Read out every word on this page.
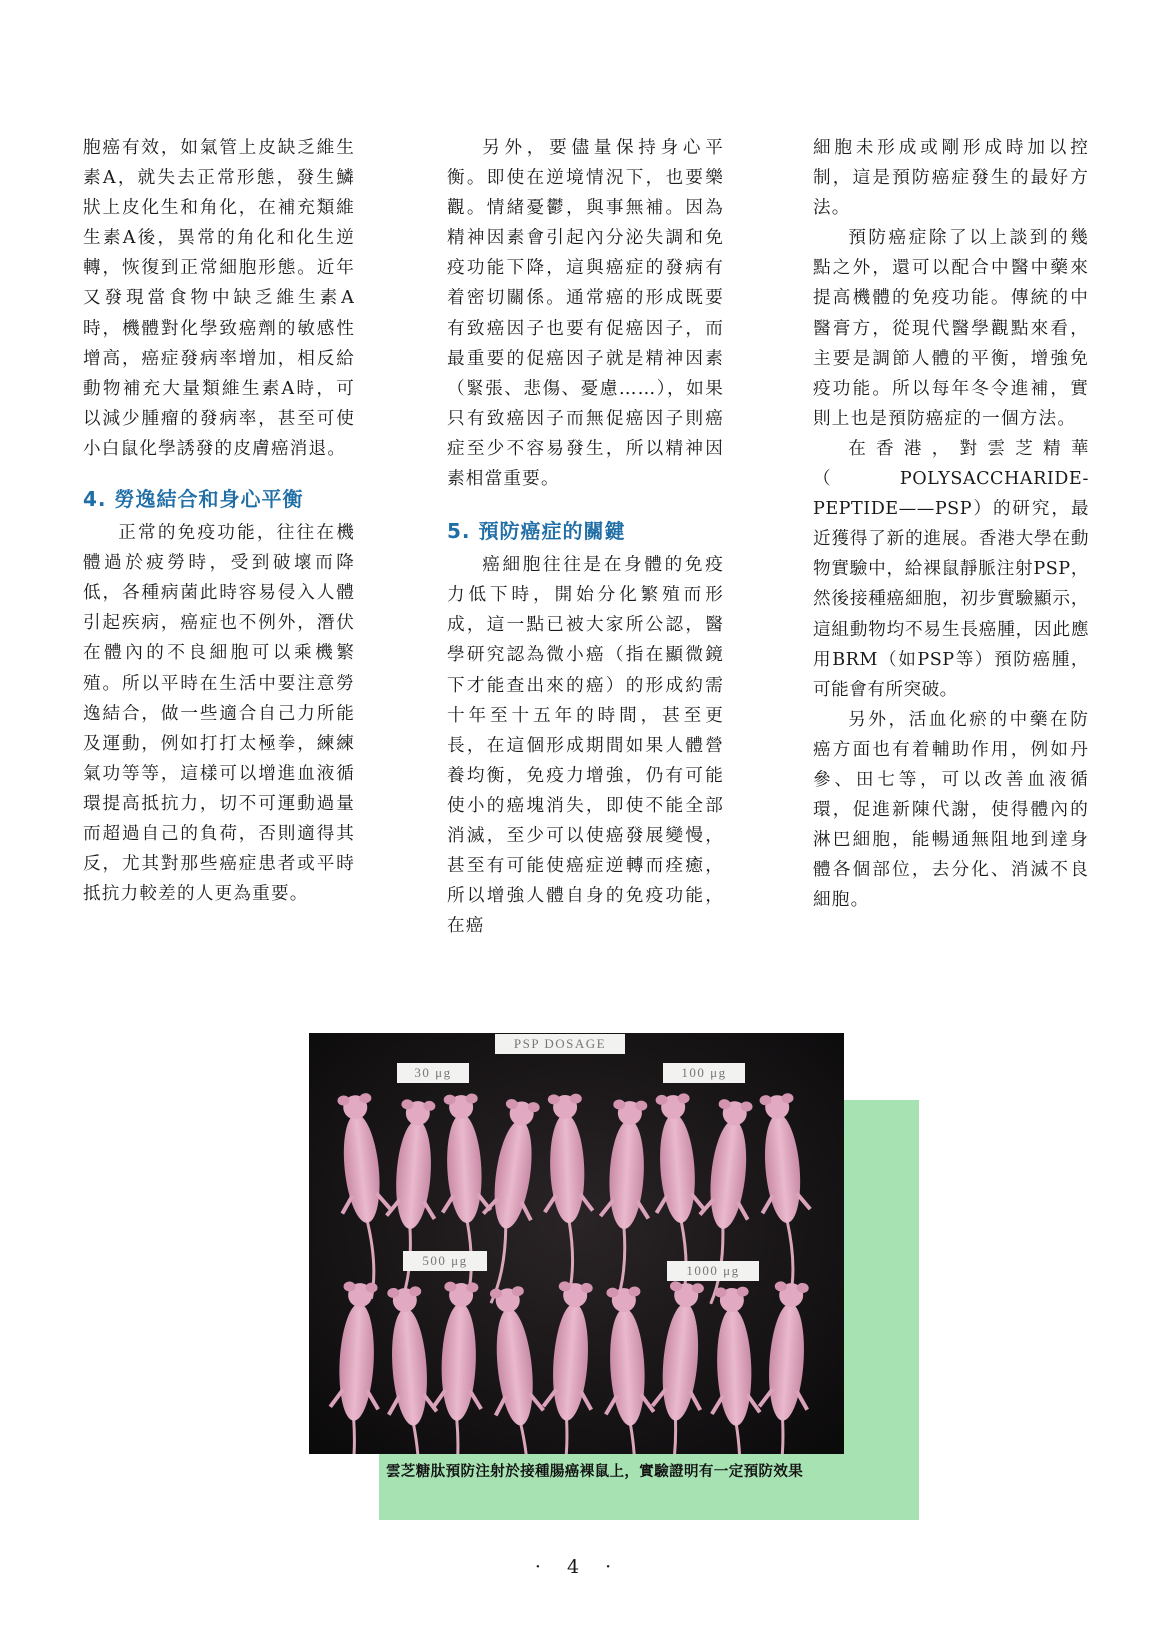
胞癌有效，如氣管上皮缺乏維生素A，就失去正常形態，發生鱗狀上皮化生和角化，在補充類維生素A後，異常的角化和化生逆轉，恢復到正常細胞形態。近年又發現當食物中缺乏維生素A時，機體對化學致癌劑的敏感性增高，癌症發病率增加，相反給動物補充大量類維生素A時，可以減少腫瘤的發病率，甚至可使小白鼠化學誘發的皮膚癌消退。

4. 勞逸結合和身心平衡

正常的免疫功能，往往在機體過於疲勞時，受到破壞而降低，各種病菌此時容易侵入人體引起疾病，癌症也不例外，潛伏在體內的不良細胞可以乘機繁殖。所以平時在生活中要注意勞逸結合，做一些適合自己力所能及運動，例如打打太極拳，練練氣功等等，這樣可以增進血液循環提高抵抗力，切不可運動過量而超過自己的負荷，否則適得其反，尤其對那些癌症患者或平時抵抗力較差的人更為重要。

另外，要儘量保持身心平衡。即使在逆境情況下，也要樂觀。情緒憂鬱，與事無補。因為精神因素會引起內分泌失調和免疫功能下降，這與癌症的發病有着密切關係。通常癌的形成既要有致癌因子也要有促癌因子，而最重要的促癌因子就是精神因素（緊張、悲傷、憂慮……），如果只有致癌因子而無促癌因子則癌症至少不容易發生，所以精神因素相當重要。

5. 預防癌症的關鍵

癌細胞往往是在身體的免疫力低下時，開始分化繁殖而形成，這一點已被大家所公認，醫學研究認為微小癌（指在顯微鏡下才能查出來的癌）的形成約需十年至十五年的時間，甚至更長，在這個形成期間如果人體營養均衡，免疫力增強，仍有可能使小的癌塊消失，即使不能全部消滅，至少可以使癌發展變慢，甚至有可能使癌症逆轉而痊癒，所以增強人體自身的免疫功能，在癌

細胞未形成或剛形成時加以控制，這是預防癌症發生的最好方法。

預防癌症除了以上談到的幾點之外，還可以配合中醫中藥來提高機體的免疫功能。傳統的中醫膏方，從現代醫學觀點來看，主要是調節人體的平衡，增強免疫功能。所以每年冬令進補，實則上也是預防癌症的一個方法。

在香港，對雲芝精華（POLYSACCHARIDE-PEPTIDE——PSP）的研究，最近獲得了新的進展。香港大學在動物實驗中，給裸鼠靜脈注射PSP，然後接種癌細胞，初步實驗顯示，這組動物均不易生長癌腫，因此應用BRM（如PSP等）預防癌腫，可能會有所突破。

另外，活血化瘀的中藥在防癌方面也有着輔助作用，例如丹參、田七等，可以改善血液循環，促進新陳代謝，使得體內的淋巴細胞，能暢通無阻地到達身體各個部位，去分化、消滅不良細胞。

PSP DOSAGE
30 μg	100 μg
500 μg
1000 μg
雲芝糖肽預防注射於接種腸癌裸鼠上，實驗證明有一定預防效果
· 4 ·
